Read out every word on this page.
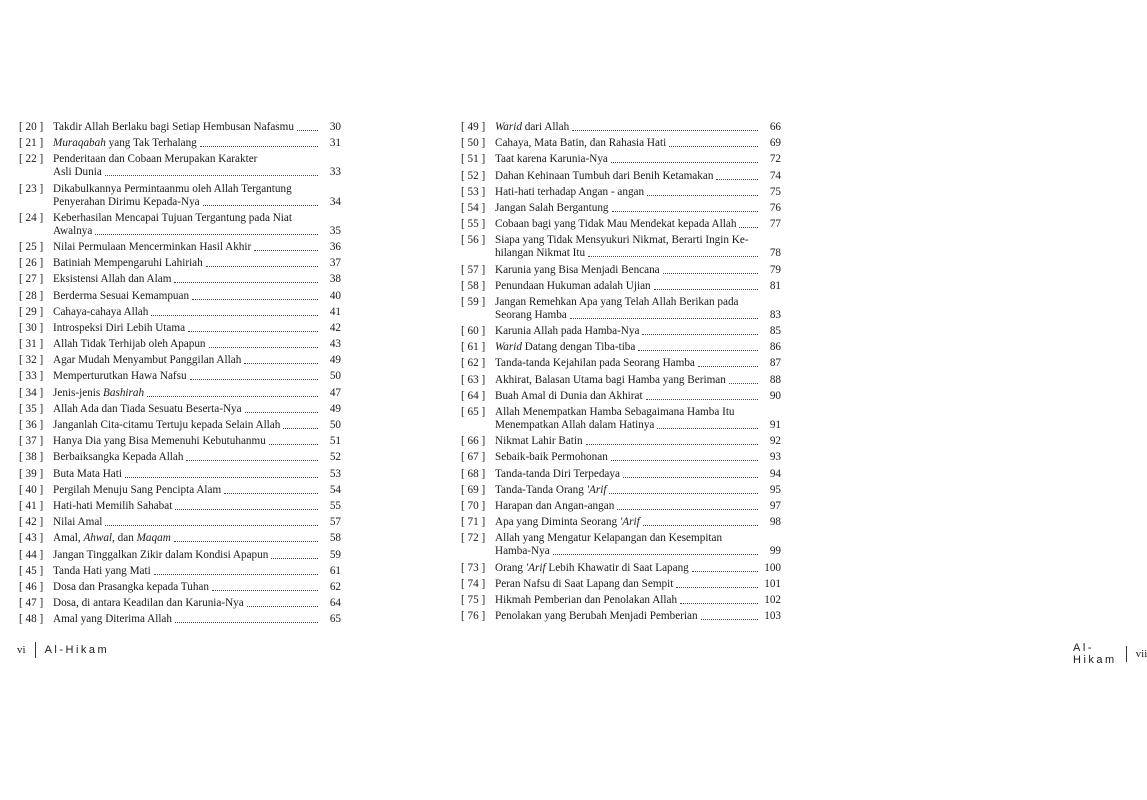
[ 20 ] Takdir Allah Berlaku bagi Setiap Hembusan Nafasmu	30
[ 21 ] Muraqabah yang Tak Terhalang	31
[ 22 ] Penderitaan dan Cobaan Merupakan Karakter
Asli Dunia	33
[ 23 ] Dikabulkannya Permintaanmu oleh Allah Tergantung
Penyerahan Dirimu Kepada-Nya	34
[ 24 ] Keberhasilan Mencapai Tujuan Tergantung pada Niat
Awalnya	35
[ 25 ] Nilai Permulaan Mencerminkan Hasil Akhir	36
[ 26 ] Batiniah Mempengaruhi Lahiriah	37
[ 27 ] Eksistensi Allah dan Alam	38
[ 28 ] Berderma Sesuai Kemampuan	40
[ 29 ] Cahaya-cahaya Allah	41
[ 30 ] Introspeksi Diri Lebih Utama	42
[ 31 ] Allah Tidak Terhijab oleh Apapun	43
[ 32 ] Agar Mudah Menyambut Panggilan Allah	49
[ 33 ] Memperturutkan Hawa Nafsu	50
[ 34 ] Jenis-jenis Bashirah	47
[ 35 ] Allah Ada dan Tiada Sesuatu Beserta-Nya	49
[ 36 ] Janganlah Cita-citamu Tertuju kepada Selain Allah	50
[ 37 ] Hanya Dia yang Bisa Memenuhi Kebutuhanmu	51
[ 38 ] Berbaiksangka Kepada Allah	52
[ 39 ] Buta Mata Hati	53
[ 40 ] Pergilah Menuju Sang Pencipta Alam	54
[ 41 ] Hati-hati Memilih Sahabat	55
[ 42 ] Nilai Amal	57
[ 43 ] Amal, Ahwal, dan Maqam	58
[ 44 ] Jangan Tinggalkan Zikir dalam Kondisi Apapun	59
[ 45 ] Tanda Hati yang Mati	61
[ 46 ] Dosa dan Prasangka kepada Tuhan	62
[ 47 ] Dosa, di antara Keadilan dan Karunia-Nya	64
[ 48 ] Amal yang Diterima Allah	65
vi Al-Hikam	Al-Hikam vii
[ 49 ] Warid dari Allah	66
[ 50 ] Cahaya, Mata Batin, dan Rahasia Hati	69
[ 51 ] Taat karena Karunia-Nya	72
[ 52 ] Dahan Kehinaan Tumbuh dari Benih Ketamakan	74
[ 53 ] Hati-hati terhadap Angan - angan	75
[ 54 ] Jangan Salah Bergantung	76
[ 55 ] Cobaan bagi yang Tidak Mau Mendekat kepada Allah	77
[ 56 ] Siapa yang Tidak Mensyukuri Nikmat, Berarti Ingin Ke-
hilangan Nikmat Itu	78
[ 57 ] Karunia yang Bisa Menjadi Bencana	79
[ 58 ] Penundaan Hukuman adalah Ujian	81
[ 59 ] Jangan Remehkan Apa yang Telah Allah Berikan pada
Seorang Hamba	83
[ 60 ] Karunia Allah pada Hamba-Nya	85
[ 61 ] Warid Datang dengan Tiba-tiba	86
[ 62 ] Tanda-tanda Kejahilan pada Seorang Hamba	87
[ 63 ] Akhirat, Balasan Utama bagi Hamba yang Beriman	88
[ 64 ] Buah Amal di Dunia dan Akhirat	90
[ 65 ] Allah Menempatkan Hamba Sebagaimana Hamba Itu
Menempatkan Allah dalam Hatinya	91
[ 66 ] Nikmat Lahir Batin	92
[ 67 ] Sebaik-baik Permohonan	93
[ 68 ] Tanda-tanda Diri Terpedaya	94
[ 69 ] Tanda-Tanda Orang 'Arif	95
[ 70 ] Harapan dan Angan-angan	97
[ 71 ] Apa yang Diminta Seorang 'Arif	98
[ 72 ] Allah yang Mengatur Kelapangan dan Kesempitan
Hamba-Nya	99
[ 73 ] Orang 'Arif Lebih Khawatir di Saat Lapang	100
[ 74 ] Peran Nafsu di Saat Lapang dan Sempit	101
[ 75 ] Hikmah Pemberian dan Penolakan Allah	102
[ 76 ] Penolakan yang Berubah Menjadi Pemberian	103
